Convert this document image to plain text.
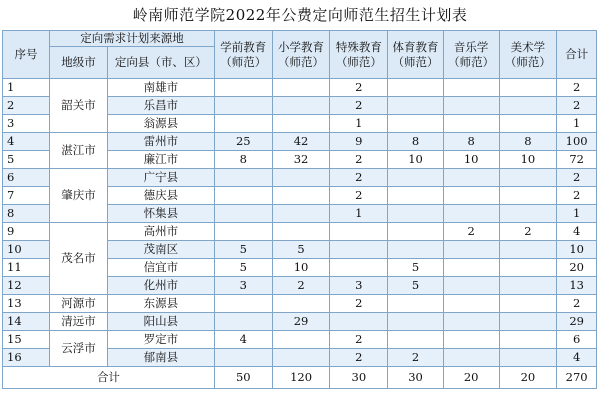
岭南师范学院2022年公费定向师范生招生计划表
序号	定向需求计划来源地		学前教育（师范）	小学教育（师范）	特殊教育（师范）	体育教育（师范）	音乐学（师范）	美术学（师范）	合计
	地级市	定向县（市、区）							
1	韶关市	南雄市			2				2
2		乐昌市			2				2
3		翁源县			1				1
4	湛江市	雷州市	25	42	9	8	8	8	100
5		廉江市	8	32	2	10	10	10	72
6	肇庆市	广宁县			2				2
7		德庆县			2				2
8		怀集县			1				1
9	茂名市	高州市					2	2	4
10		茂南区	5	5					10
11		信宜市	5	10		5			20
12		化州市	3	2	3	5			13
13	河源市	东源县			2				2
14	清远市	阳山县		29					29
15	云浮市	罗定市	4		2				6
16		郁南县			2	2			4
合计			50	120	30	30	20	20	270
